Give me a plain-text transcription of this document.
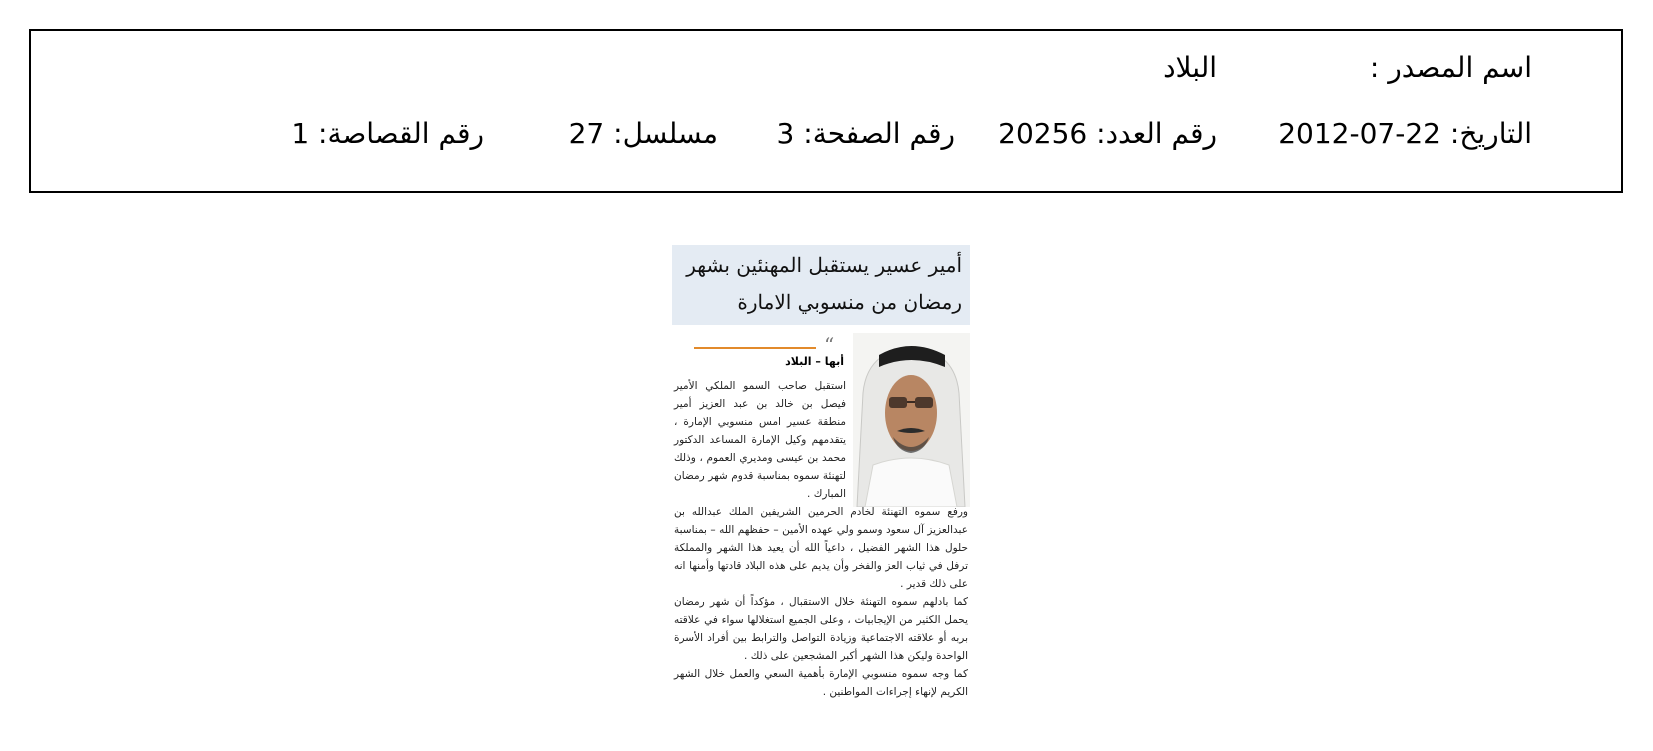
اسم المصدر :
البلاد
التاريخ: 22-07-2012
رقم العدد: 20256
رقم الصفحة: 3
مسلسل: 27
رقم القصاصة: 1
أمير عسير يستقبل المهنئين بشهر رمضان من منسوبي الامارة
“
أبها – البلاد
استقبل صاحب السمو الملكي الأمير فيصل بن خالد بن عبد العزيز أمير منطقة عسير امس منسوبي الإمارة ، يتقدمهم وكيل الإمارة المساعد الدكتور محمد بن عيسى ومديري العموم ، وذلك لتهنئة سموه بمناسبة قدوم شهر رمضان المبارك .
ورفع سموه التهنئة لخادم الحرمين الشريفين الملك عبدالله بن عبدالعزيز آل سعود وسمو ولي عهده الأمين – حفظهم الله – بمناسبة حلول هذا الشهر الفضيل ، داعياً الله أن يعيد هذا الشهر والمملكة ترفل في ثياب العز والفخر وأن يديم على هذه البلاد قادتها وأمنها انه على ذلك قدير .
كما بادلهم سموه التهنئة خلال الاستقبال ، مؤكداً أن شهر رمضان يحمل الكثير من الإيجابيات ، وعلى الجميع استغلالها سواء في علاقته بربه أو علاقته الاجتماعية وزيادة التواصل والترابط بين أفراد الأسرة الواحدة وليكن هذا الشهر أكبر المشجعين على ذلك .
كما وجه سموه منسوبي الإمارة بأهمية السعي والعمل خلال الشهر الكريم لإنهاء إجراءات المواطنين .
